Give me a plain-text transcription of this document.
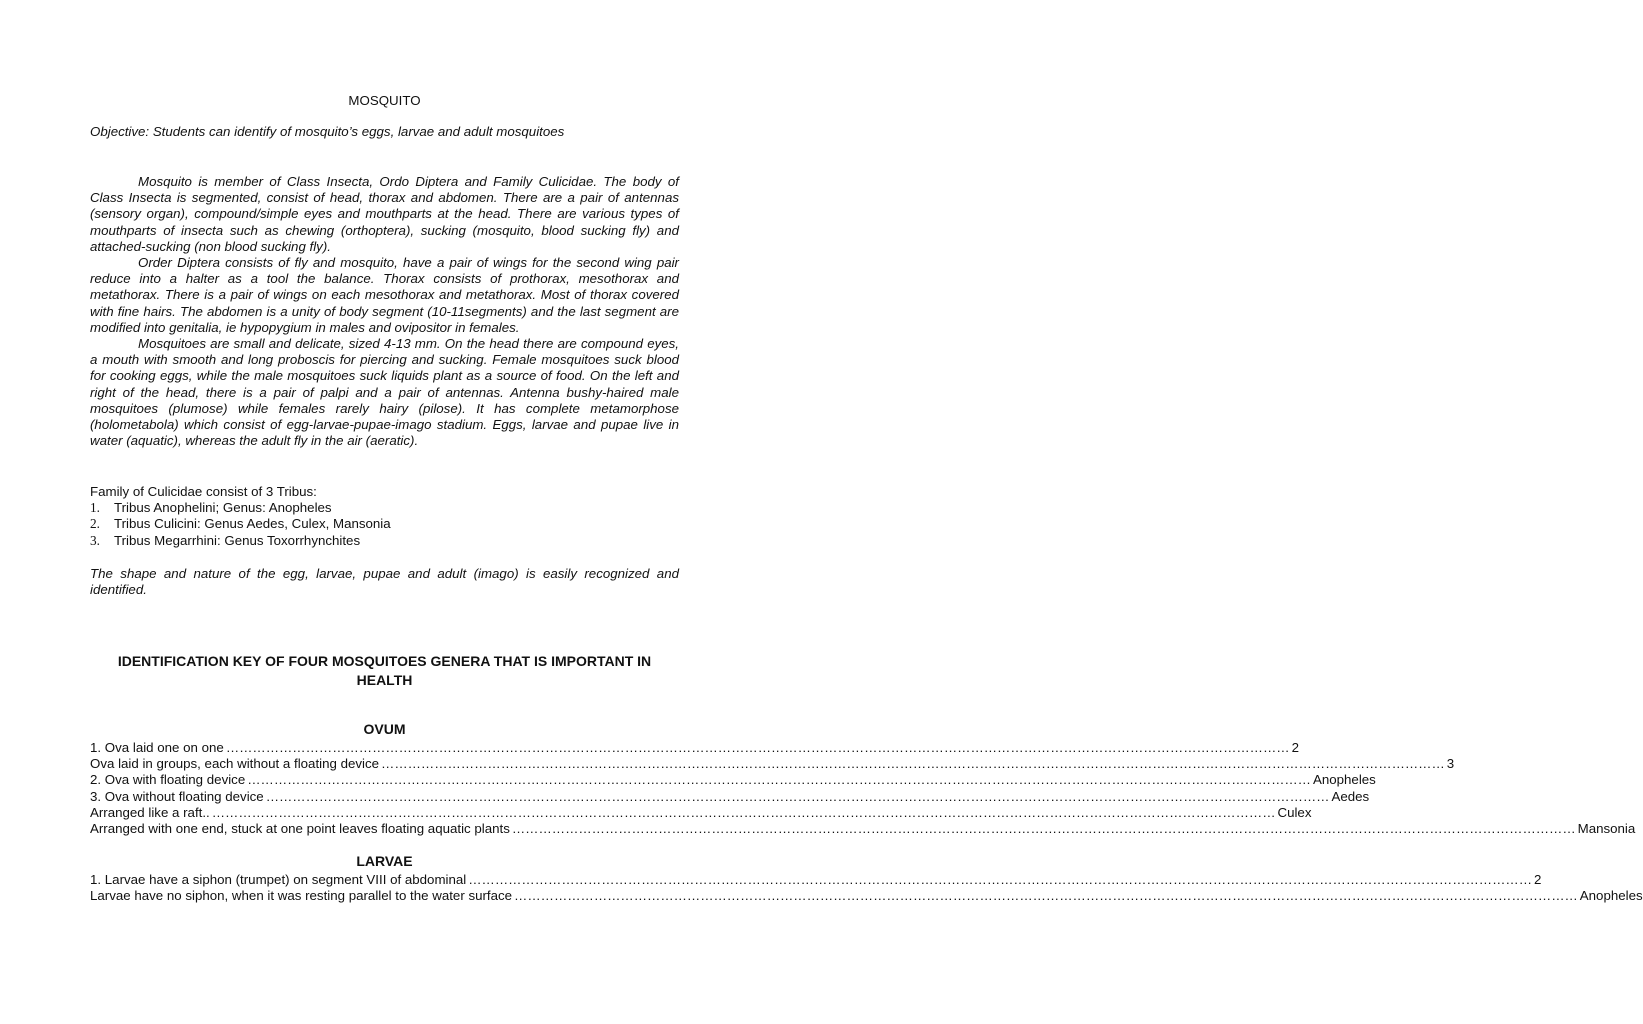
MOSQUITO
Objective: Students can identify of mosquito’s eggs, larvae and adult mosquitoes

Mosquito is member of Class Insecta, Ordo Diptera and Family Culicidae. The body of Class Insecta is segmented, consist of head, thorax and abdomen. There are a pair of antennas (sensory organ), compound/simple eyes and mouthparts at the head. There are various types of mouthparts of insecta such as chewing (orthoptera), sucking (mosquito, blood sucking fly) and attached-sucking (non blood sucking fly).

Order Diptera consists of fly and mosquito, have a pair of wings for the second wing pair reduce into a halter as a tool the balance. Thorax consists of prothorax, mesothorax and metathorax. There is a pair of wings on each mesothorax and metathorax. Most of thorax covered with fine hairs. The abdomen is a unity of body segment (10-11segments) and the last segment are modified into genitalia, ie hypopygium in males and ovipositor in females.

Mosquitoes are small and delicate, sized 4-13 mm. On the head there are compound eyes, a mouth with smooth and long proboscis for piercing and sucking. Female mosquitoes suck blood for cooking eggs, while the male mosquitoes suck liquids plant as a source of food. On the left and right of the head, there is a pair of palpi and a pair of antennas. Antenna bushy-haired male mosquitoes (plumose) while females rarely hairy (pilose). It has complete metamorphose (holometabola) which consist of egg-larvae-pupae-imago stadium. Eggs, larvae and pupae live in water (aquatic), whereas the adult fly in the air (aeratic).

Family of Culicidae consist of 3 Tribus:
1.	Tribus Anophelini; Genus: Anopheles
2.	Tribus Culicini: Genus Aedes, Culex, Mansonia
3.	Tribus Megarrhini: Genus Toxorrhynchites
The shape and nature of the egg, larvae, pupae and adult (imago) is easily recognized and identified.
IDENTIFICATION KEY OF FOUR MOSQUITOES GENERA THAT IS IMPORTANT IN HEALTH
OVUM
1. Ova laid one on one …………………………………………………………………………………………………………………………………………………………………………………………………………………… 2
Ova laid in groups, each without a floating device …………………………………………………………………………………………………………………………………………………………………………………………………………………… 3
2. Ova with floating device …………………………………………………………………………………………………………………………………………………………………………………………………………………… Anopheles
3. Ova without floating device …………………………………………………………………………………………………………………………………………………………………………………………………………………… Aedes
Arranged like a raft.. …………………………………………………………………………………………………………………………………………………………………………………………………………………… Culex
Arranged with one end, stuck at one point leaves floating aquatic plants …………………………………………………………………………………………………………………………………………………………………………………………………………………… Mansonia
LARVAE
1. Larvae have a siphon (trumpet) on segment VIII of abdominal …………………………………………………………………………………………………………………………………………………………………………………………………………………… 2
Larvae have no siphon, when it was resting parallel to the water surface …………………………………………………………………………………………………………………………………………………………………………………………………………………… Anopheles
